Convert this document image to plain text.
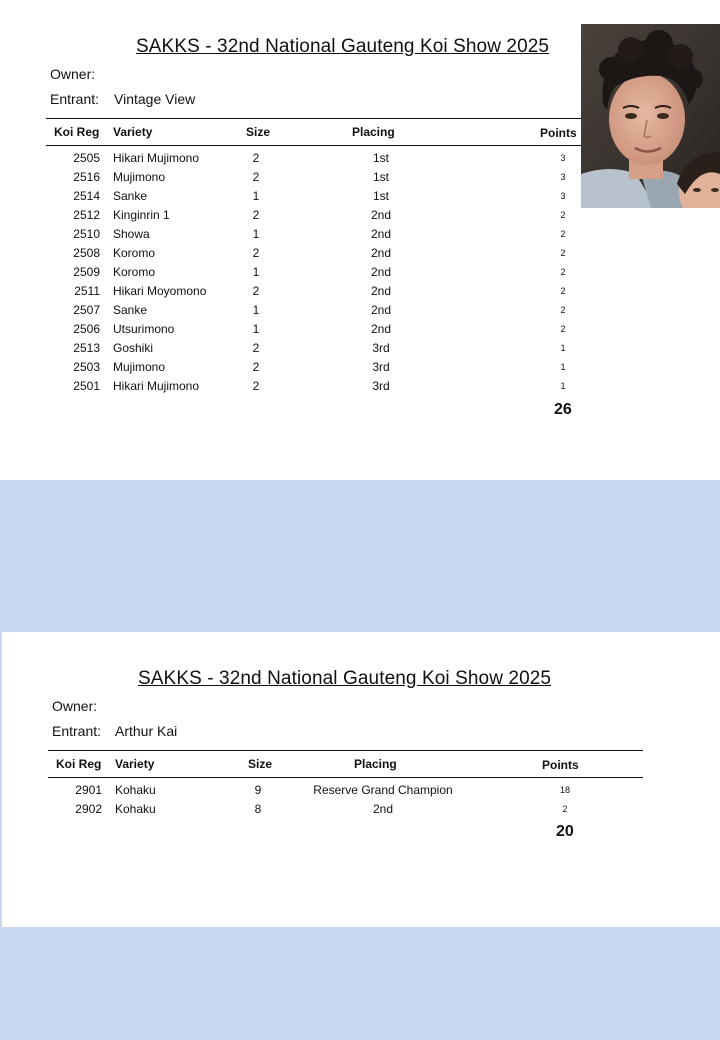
SAKKS - 32nd National Gauteng Koi Show 2025
Owner:
Entrant: Vintage View
Koi Reg Variety	Size	Placing	Points
2505 Hikari Mujimono	2	1st	3
2516 Mujimono	2	1st	3
2514 Sanke	1	1st	3
2512 Kinginrin 1	2	2nd	2
2510 Showa	1	2nd	2
2508 Koromo	2	2nd	2
2509 Koromo	1	2nd	2
2511 Hikari Moyomono	2	2nd	2
2507 Sanke	1	2nd	2
2506 Utsurimono	1	2nd	2
2513 Goshiki	2	3rd	1
2503 Mujimono	2	3rd	1
2501 Hikari Mujimono	2	3rd	1
26
SAKKS - 32nd National Gauteng Koi Show 2025
Owner:
Entrant: Arthur Kai
Koi Reg Variety	Size	Placing	Points
2901 Kohaku	9	Reserve Grand Champion	18
2902 Kohaku	8	2nd	2
20
